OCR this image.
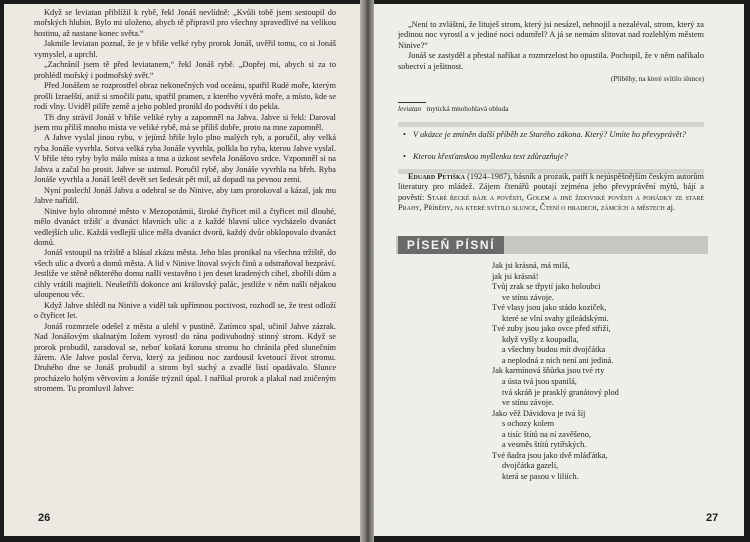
Když se leviatan přiblížil k rybě, řekl Jonáš nevlídně: „Kvůli tobě jsem sestoupil do mořských hlubin. Bylo mi uloženo, abych tě připravil pro všechny spravedlivé na velikou hostinu, až nastane konec světa.“

Jakmile leviatan poznal, že je v břiše velké ryby prorok Jonáš, uvěřil tomu, co si Jonáš vymyslel, a uprchl.

„Zachránil jsem tě před leviatanem,“ řekl Jonáš rybě. „Dopřej mi, abych si za to prohlédl mořský i podmořský svět.“

Před Jonášem se rozprostřel obraz nekonečných vod oceánu, spatřil Rudé moře, kterým prošli Izraelští, aniž si smočili patu, spatřil pramen, z kterého vyvěrá moře, a místo, kde se rodí vlny. Uviděl pilíře země a jeho pohled pronikl do podsvětí i do pekla.

Tři dny strávil Jonáš v břiše veliké ryby a zapomněl na Jahva. Jahve si řekl: Daroval jsem mu příliš mnoho místa ve veliké rybě, má se příliš dobře, proto na mne zapomněl.

A Jahve vyslal jinou rybu, v jejímž břiše bylo plno malých ryb, a poručil, aby velká ryba Jonáše vyvrhla. Sotva velká ryba Jonáše vyvrhla, polkla ho ryba, kterou Jahve vyslal. V břiše této ryby bylo málo místa a tma a úzkost sevřela Jonášovo srdce. Vzpomněl si na Jahva a začal ho prosit. Jahve se ustrnul. Poručil rybě, aby Jonáše vyvrhla na břeh. Ryba Jonáše vyvrhla a Jonáš letěl devět set šedesát pět mil, až dopadl na pevnou zemi.

Nyní poslechl Jonáš Jahva a odebral se do Ninive, aby tam prorokoval a kázal, jak mu Jahve nařídil.

Ninive bylo ohromné město v Mezopotámii, široké čtyřicet mil a čtyřicet mil dlouhé, mělo dvanáct tržišť a dvanáct hlavních ulic a z každé hlavní ulice vycházelo dvanáct vedlejších ulic. Každá vedlejší ulice měla dvanáct dvorů, každý dvůr obklopovalo dvanáct domů.

Jonáš vstoupil na tržiště a hlásal zkázu města. Jeho hlas pronikal na všechna tržiště, do všech ulic a dvorů a domů města. A lid v Ninive litoval svých činů a odstraňoval bezpráví. Jestliže ve stěně některého domu našli vestavěno i jen deset kradených cihel, zbořili dům a cihly vrátili majiteli. Neušetřili dokonce ani královský palác, jestliže v něm našli nějakou uloupenou věc.

Když Jahve shlédl na Ninive a viděl tak upřímnou poctivost, rozhodl se, že trest odloží o čtyřicet let.

Jonáš rozmrzele odešel z města a ulehl v pustině. Zatímco spal, učinil Jahve zázrak. Nad Jonášovým skalnatým ložem vyrostl do rána podivuhodný stinný strom. Když se prorok probudil, zaradoval se, neboť košatá koruna stromu ho chránila před slunečním žárem. Ale Jahve poslal červa, který za jedinou noc zardousil kvetoucí život stromu. Druhého dne se Jonáš probudil a strom byl suchý a zvadlé listí opadávalo. Slunce procházelo holým větvovím a Jonáše trýznil úpal. I naříkal prorok a plakal nad zničeným stromem. Tu promluvil Jahve:

26

„Není to zvláštní, že lituješ strom, který jsi nesázel, nehnojil a nezaléval, strom, který za jedinou noc vyrostl a v jediné noci odumřel? A já se nemám slitovat nad rozlehlým městem Ninive?“

Jonáš se zastyděl a přestal naříkat a rozmrzelost ho opustila. Pochopil, že v něm naříkalo sobectví a ješitnost.

(Příběhy, na které svítilo slunce)
leviatan mytická mnohohlavá obluda
• V ukázce je zmíněn další příběh ze Starého zákona. Který? Umíte ho převyprávět?
• Kterou křesťanskou myšlenku text zdůrazňuje?
Eduard Petiška (1924–1987), básník a prozaik, patří k nejúspěšnějším českým autorům literatury pro mládež. Zájem čtenářů poutají zejména jeho převyprávění mýtů, bájí a pověstí: Staré řecké báje a pověsti, Golem a jiné židovské pověsti a pohádky ze staré Prahy, Příběhy, na které svítilo slunce, Čtení o hradech, zámcích a městech aj.
PÍSEŇ PÍSNÍ
Jak jsi krásná, má milá,
jak jsi krásná!
Tvůj zrak se třpytí jako holoubci
ve stínu závoje.
Tvé vlasy jsou jako stádo koziček,
které se vlní svahy gileádskými.
Tvé zuby jsou jako ovce před střiží,
když vyšly z koupadla,
a všechny budou mít dvojčátka
a neplodná z nich není ani jediná.
Jak karmínová šňůrka jsou tvé rty
a ústa tvá jsou spanilá,
tvá skráň je prasklý granátový plod
ve stínu závoje.
Jako věž Dávidova je tvá šíj
s ochozy kolem
a tisíc štítů na ní zavěšeno,
a vesměs štítů rytířských.
Tvé ňadra jsou jako dvě mláďátka,
dvojčátka gazelí,
která se pasou v liliích.
27
